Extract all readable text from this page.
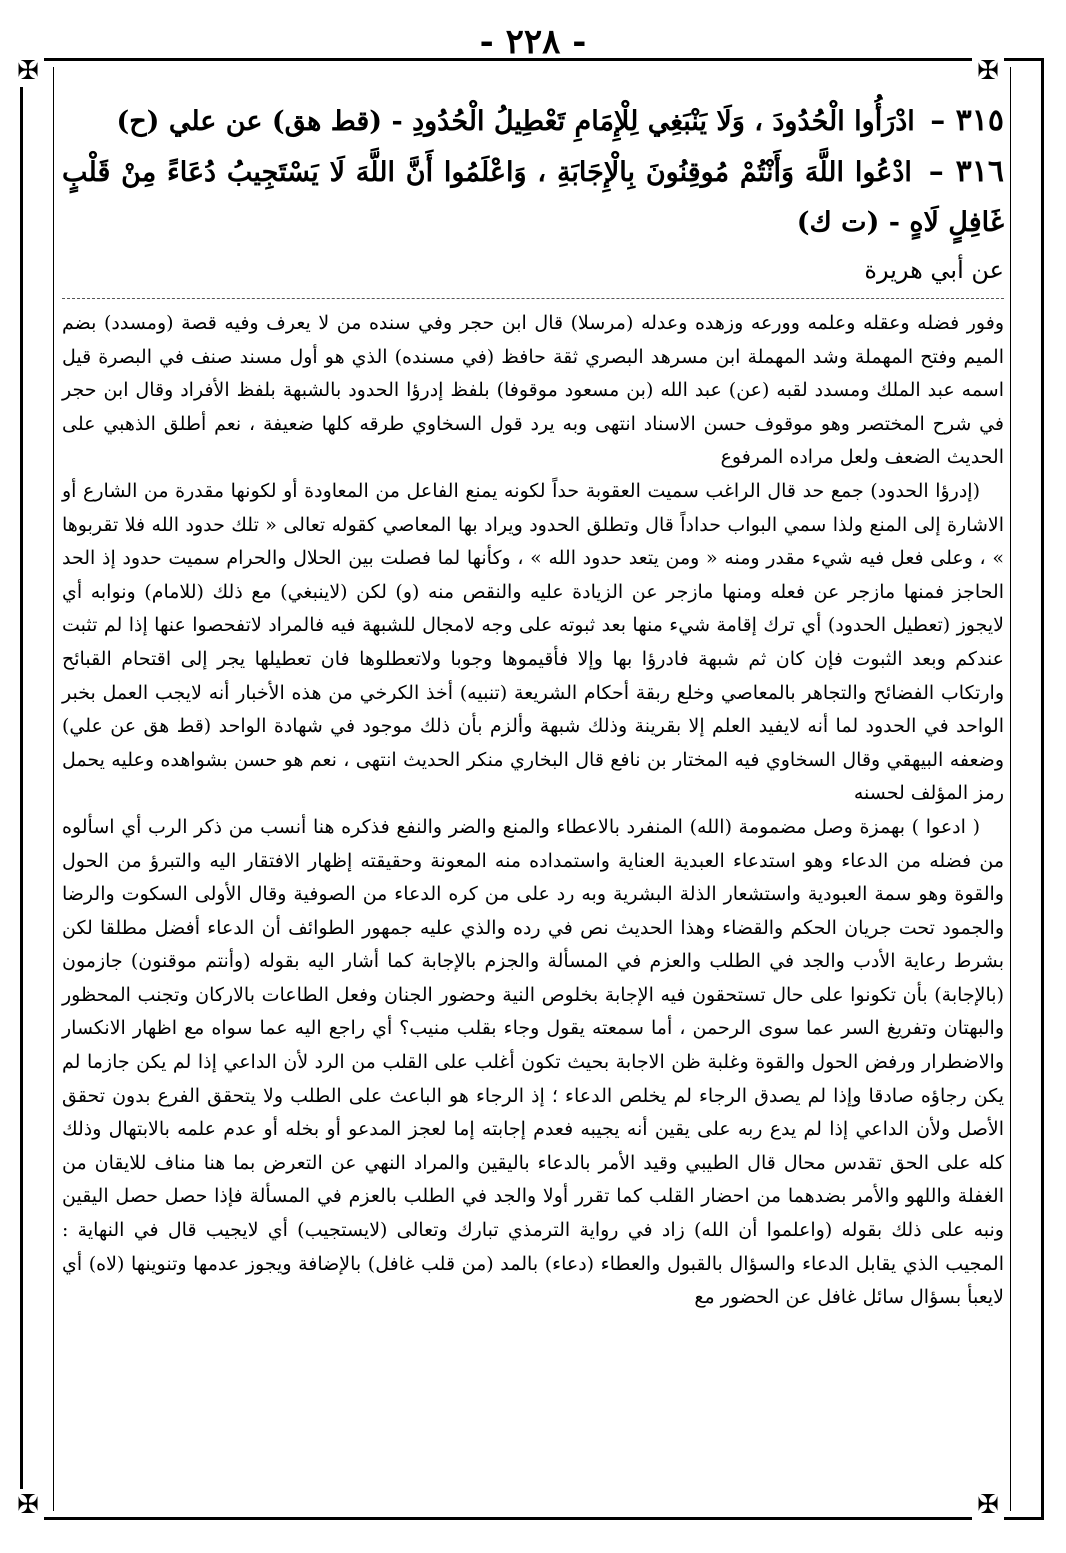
- ٢٢٨ -
✠	✠
✠	✠

٣١٥ – ادْرَأُوا الْحُدُودَ ، وَلَا يَنْبَغِي لِلْإِمَامِ تَعْطِيلُ الْحُدُودِ - (قط هق) عن علي (ح)

٣١٦ – ادْعُوا اللَّهَ وَأَنْتُمْ مُوقِنُونَ بِالْإِجَابَةِ ، وَاعْلَمُوا أَنَّ اللَّهَ لَا يَسْتَجِيبُ دُعَاءً مِنْ قَلْبٍ غَافِلٍ لَاهٍ - (ت ك)

عن أبي هريرة

وفور فضله وعقله وعلمه وورعه وزهده وعدله (مرسلا) قال ابن حجر وفي سنده من لا يعرف وفيه قصة (ومسدد) بضم الميم وفتح المهملة وشد المهملة ابن مسرهد البصري ثقة حافظ (في مسنده) الذي هو أول مسند صنف في البصرة قيل اسمه عبد الملك ومسدد لقبه (عن) عبد الله (بن مسعود موقوفا) بلفظ إدرؤا الحدود بالشبهة بلفظ الأفراد وقال ابن حجر في شرح المختصر وهو موقوف حسن الاسناد انتهى وبه يرد قول السخاوي طرقه كلها ضعيفة ، نعم أطلق الذهبي على الحديث الضعف ولعل مراده المرفوع

(إدرؤا الحدود) جمع حد قال الراغب سميت العقوبة حداً لكونه يمنع الفاعل من المعاودة أو لكونها مقدرة من الشارع أو الاشارة إلى المنع ولذا سمي البواب حداداً قال وتطلق الحدود ويراد بها المعاصي كقوله تعالى « تلك حدود الله فلا تقربوها » ، وعلى فعل فيه شيء مقدر ومنه « ومن يتعد حدود الله » ، وكأنها لما فصلت بين الحلال والحرام سميت حدود إذ الحد الحاجز فمنها مازجر عن فعله ومنها مازجر عن الزيادة عليه والنقص منه (و) لكن (لاينبغي) مع ذلك (للامام) ونوابه أي لايجوز (تعطيل الحدود) أي ترك إقامة شيء منها بعد ثبوته على وجه لامجال للشبهة فيه فالمراد لاتفحصوا عنها إذا لم تثبت عندكم وبعد الثبوت فإن كان ثم شبهة فادرؤا بها وإلا فأقيموها وجوبا ولاتعطلوها فان تعطيلها يجر إلى اقتحام القبائح وارتكاب الفضائح والتجاهر بالمعاصي وخلع ربقة أحكام الشريعة (تنبيه) أخذ الكرخي من هذه الأخبار أنه لايجب العمل بخبر الواحد في الحدود لما أنه لايفيد العلم إلا بقرينة وذلك شبهة وألزم بأن ذلك موجود في شهادة الواحد (قط هق عن علي) وضعفه البيهقي وقال السخاوي فيه المختار بن نافع قال البخاري منكر الحديث انتهى ، نعم هو حسن بشواهده وعليه يحمل رمز المؤلف لحسنه

( ادعوا ) بهمزة وصل مضمومة (الله) المنفرد بالاعطاء والمنع والضر والنفع فذكره هنا أنسب من ذكر الرب أي اسألوه من فضله من الدعاء وهو استدعاء العبدية العناية واستمداده منه المعونة وحقيقته إظهار الافتقار اليه والتبرؤ من الحول والقوة وهو سمة العبودية واستشعار الذلة البشرية وبه رد على من كره الدعاء من الصوفية وقال الأولى السكوت والرضا والجمود تحت جريان الحكم والقضاء وهذا الحديث نص في رده والذي عليه جمهور الطوائف أن الدعاء أفضل مطلقا لكن بشرط رعاية الأدب والجد في الطلب والعزم في المسألة والجزم بالإجابة كما أشار اليه بقوله (وأنتم موقنون) جازمون (بالإجابة) بأن تكونوا على حال تستحقون فيه الإجابة بخلوص النية وحضور الجنان وفعل الطاعات بالاركان وتجنب المحظور والبهتان وتفريغ السر عما سوى الرحمن ، أما سمعته يقول وجاء بقلب منيب؟ أي راجع اليه عما سواه مع اظهار الانكسار والاضطرار ورفض الحول والقوة وغلبة ظن الاجابة بحيث تكون أغلب على القلب من الرد لأن الداعي إذا لم يكن جازما لم يكن رجاؤه صادقا وإذا لم يصدق الرجاء لم يخلص الدعاء ؛ إذ الرجاء هو الباعث على الطلب ولا يتحقق الفرع بدون تحقق الأصل ولأن الداعي إذا لم يدع ربه على يقين أنه يجيبه فعدم إجابته إما لعجز المدعو أو بخله أو عدم علمه بالابتهال وذلك كله على الحق تقدس محال قال الطيبي وقيد الأمر بالدعاء باليقين والمراد النهي عن التعرض بما هنا مناف للايقان من الغفلة واللهو والأمر بضدهما من احضار القلب كما تقرر أولا والجد في الطلب بالعزم في المسألة فإذا حصل حصل اليقين ونبه على ذلك بقوله (واعلموا أن الله) زاد في رواية الترمذي تبارك وتعالى (لايستجيب) أي لايجيب قال في النهاية : المجيب الذي يقابل الدعاء والسؤال بالقبول والعطاء (دعاء) بالمد (من قلب غافل) بالإضافة ويجوز عدمها وتنوينها (لاه) أي لايعبأ بسؤال سائل غافل عن الحضور مع
